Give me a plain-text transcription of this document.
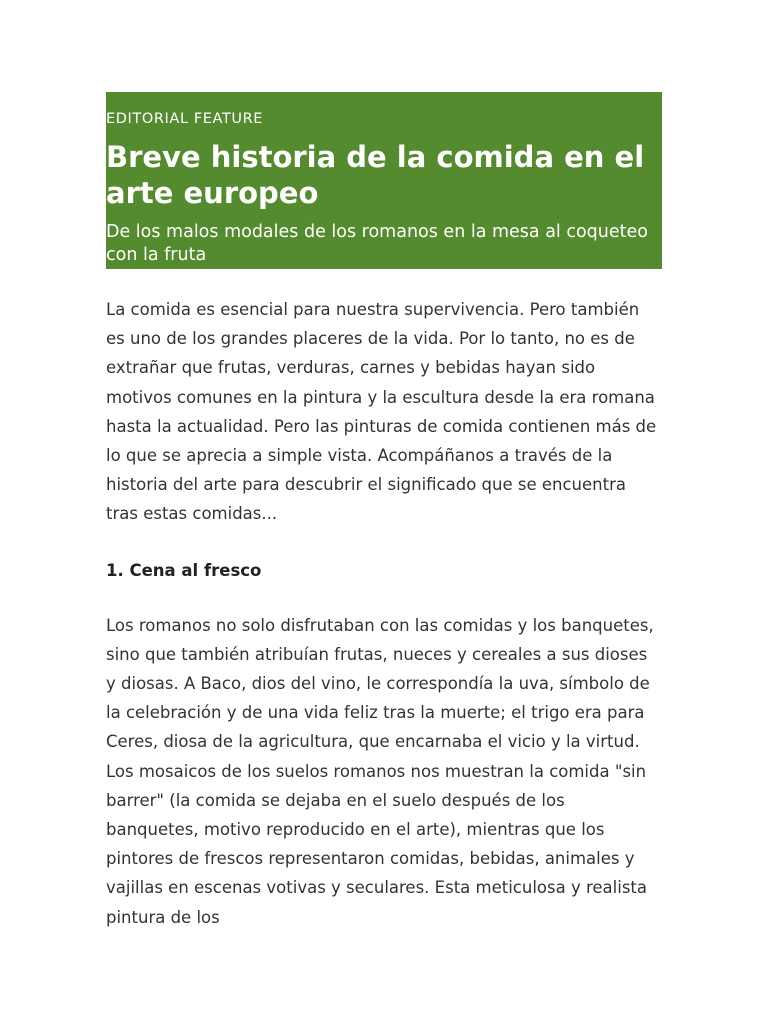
EDITORIAL FEATURE

Breve historia de la comida en el arte europeo

De los malos modales de los romanos en la mesa al coqueteo con la fruta

La comida es esencial para nuestra supervivencia. Pero también es uno de los grandes placeres de la vida. Por lo tanto, no es de extrañar que frutas, verduras, carnes y bebidas hayan sido motivos comunes en la pintura y la escultura desde la era romana hasta la actualidad. Pero las pinturas de comida contienen más de lo que se aprecia a simple vista. Acompáñanos a través de la historia del arte para descubrir el significado que se encuentra tras estas comidas...

1. Cena al fresco

Los romanos no solo disfrutaban con las comidas y los banquetes, sino que también atribuían frutas, nueces y cereales a sus dioses y diosas. A Baco, dios del vino, le correspondía la uva, símbolo de la celebración y de una vida feliz tras la muerte; el trigo era para Ceres, diosa de la agricultura, que encarnaba el vicio y la virtud. Los mosaicos de los suelos romanos nos muestran la comida "sin barrer" (la comida se dejaba en el suelo después de los banquetes, motivo reproducido en el arte), mientras que los pintores de frescos representaron comidas, bebidas, animales y vajillas en escenas votivas y seculares. Esta meticulosa y realista pintura de los
